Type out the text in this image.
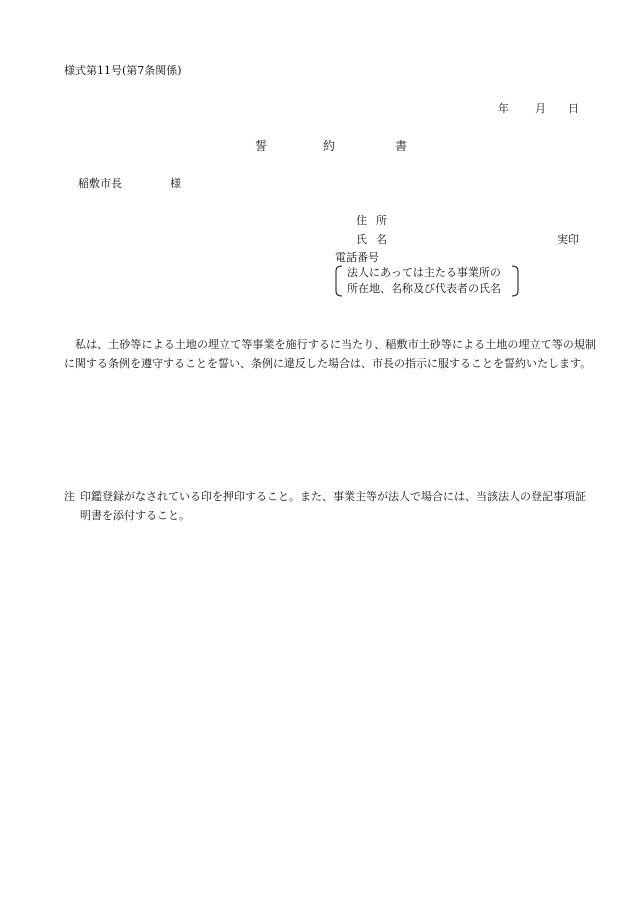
様式第11号(第7条関係)
年 月 日
誓	約	書
稲敷市長	様
住所
氏名	実印
電話番号
法人にあっては主たる事業所の
所在地、名称及び代表者の氏名
私は、土砂等による土地の埋立て等事業を施行するに当たり、稲敷市土砂等による土地の埋立て等の規制に関する条例を遵守することを誓い、条例に違反した場合は、市長の指示に服することを誓約いたします。
注 印鑑登録がなされている印を押印すること。また、事業主等が法人で場合には、当該法人の登記事項証明書を添付すること。
